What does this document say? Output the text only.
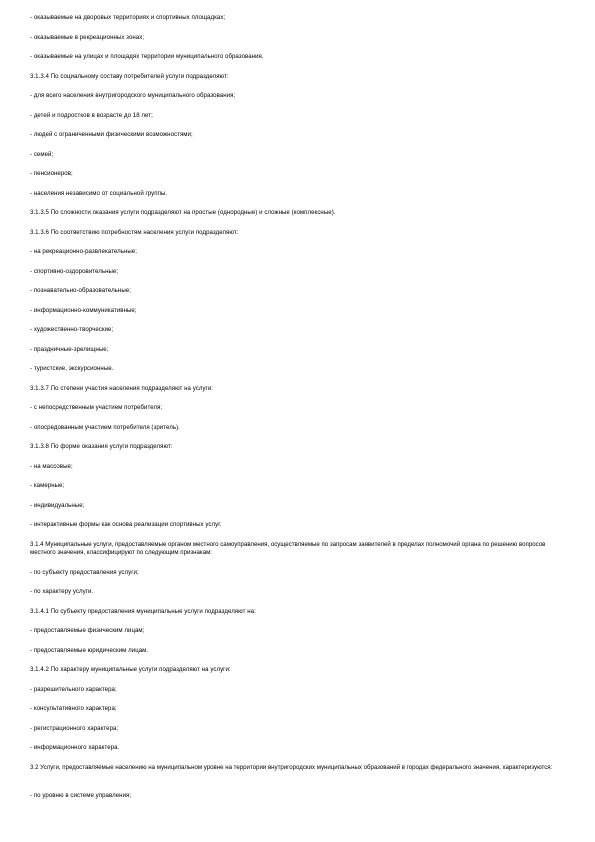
- оказываемые на дворовых территориях и спортивных площадках;
- оказываемые в рекреационных зонах;
- оказываемые на улицах и площадях территории муниципального образования.
3.1.3.4 По социальному составу потребителей услуги подразделяют:
- для всего населения внутригородского муниципального образования;
- детей и подростков в возрасте до 18 лет;
- людей с ограниченными физическими возможностями;
- семей;
- пенсионеров;
- населения независимо от социальной группы.
3.1.3.5 По сложности оказания услуги подразделяют на простые (однородные) и сложные (комплексные).
3.1.3.6 По соответствию потребностям населения услуги подразделяют:
- на рекреационно-развлекательные;
- спортивно-оздоровительные;
- познавательно-образовательные;
- информационно-коммуникативные;
- художественно-творческие;
- праздничные-зрелищные;
- туристские, экскурсионные.
3.1.3.7 По степени участия населения подразделяют на услуги:
- с непосредственным участием потребителя;
- опосредованным участием потребителя (зритель).
3.1.3.8 По форме оказания услуги подразделяют:
- на массовые;
- камерные;
- индивидуальные;
- интерактивные формы как основа реализации спортивных услуг.
3.1.4 Муниципальные услуги, предоставляемые органом местного самоуправления, осуществляемые по запросам заявителей в пределах полномочий органа по решению вопросов местного значения, классифицируют по следующим признакам:
- по субъекту предоставления услуги;
- по характеру услуги.
3.1.4.1 По субъекту предоставления муниципальные услуги подразделяют на:
- предоставляемые физическим лицам;
- предоставляемые юридическим лицам.
3.1.4.2 По характеру муниципальные услуги подразделяют на услуги:
- разрешительного характера;
- консультативного характера;
- регистрационного характера;
- информационного характера.
3.2 Услуги, предоставляемые населению на муниципальном уровне на территории внутригородских муниципальных образований в городах федерального значения, характеризуются:
- по уровню в системе управления;
